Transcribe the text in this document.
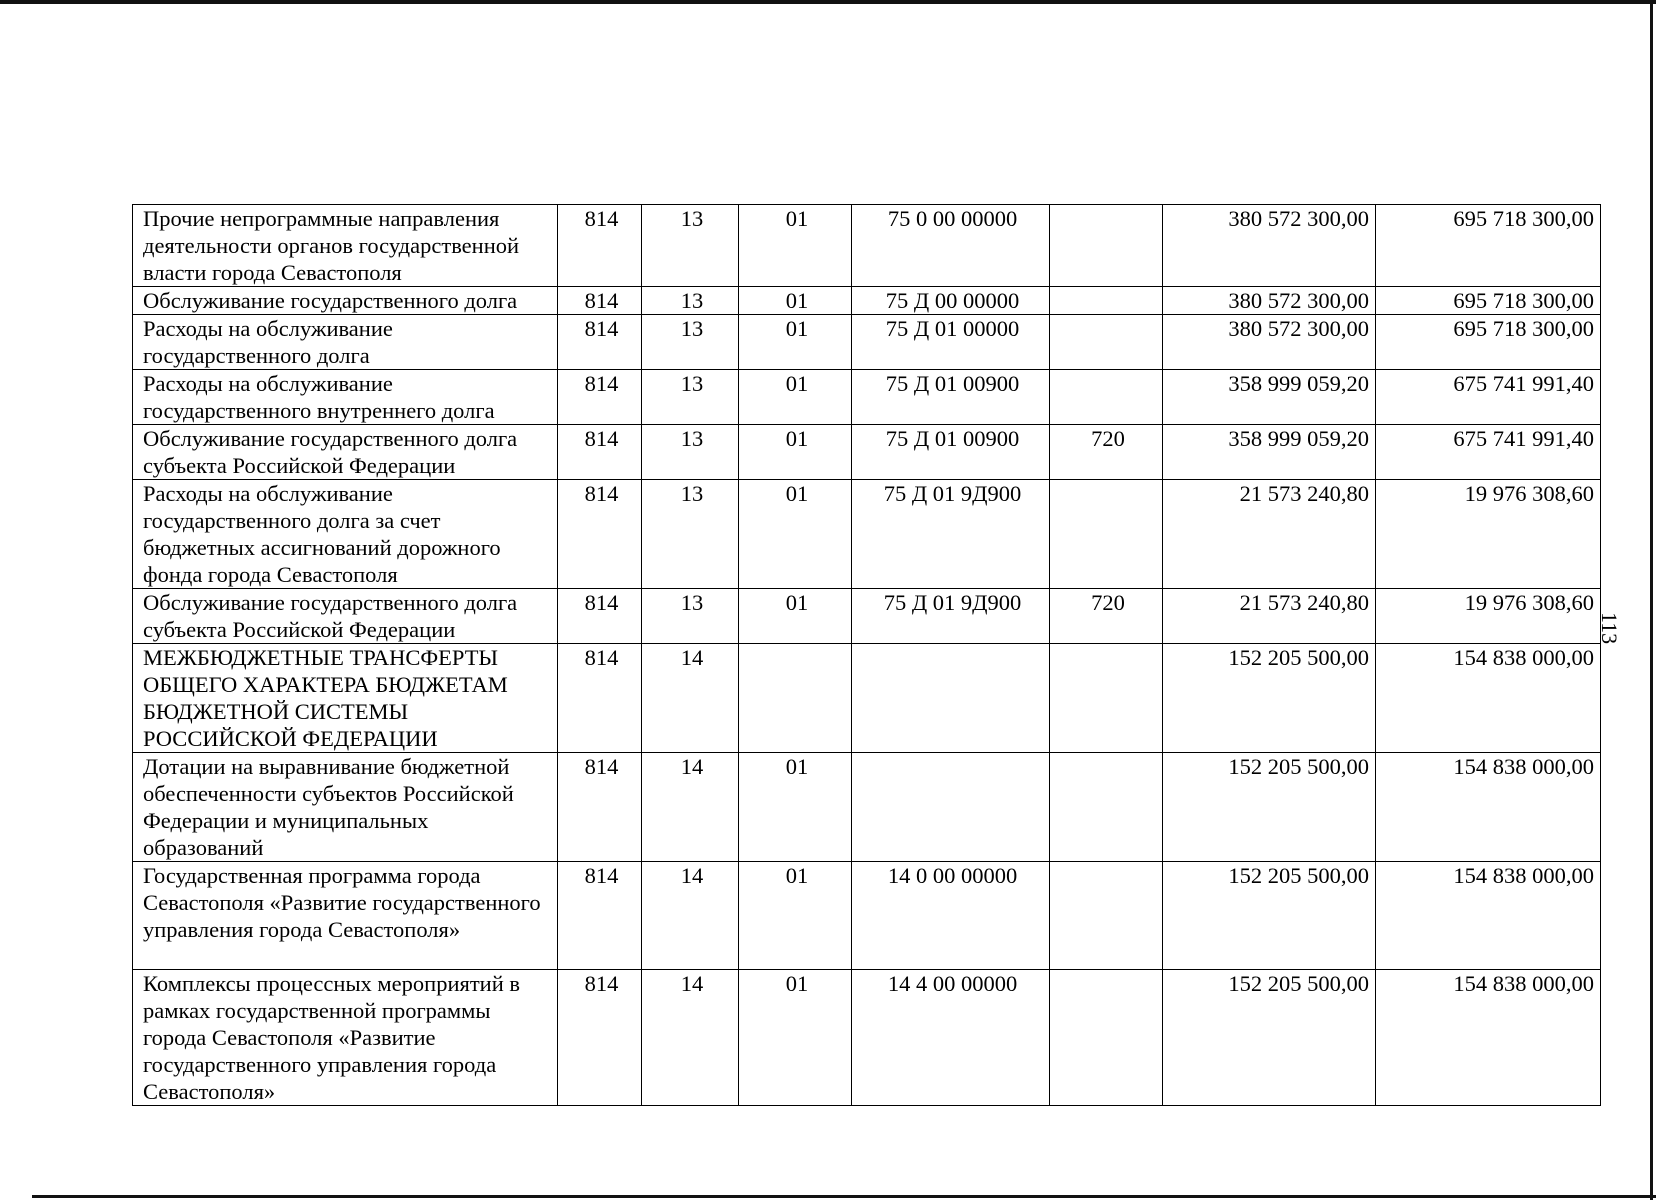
Прочие непрограммные направления деятельности органов государственной власти города Севастополя	814	13	01	75 0 00 00000		380 572 300,00	695 718 300,00
Обслуживание государственного долга	814	13	01	75 Д 00 00000		380 572 300,00	695 718 300,00
Расходы на обслуживание государственного долга	814	13	01	75 Д 01 00000		380 572 300,00	695 718 300,00
Расходы на обслуживание государственного внутреннего долга	814	13	01	75 Д 01 00900		358 999 059,20	675 741 991,40
Обслуживание государственного долга субъекта Российской Федерации	814	13	01	75 Д 01 00900	720	358 999 059,20	675 741 991,40
Расходы на обслуживание государственного долга за счет бюджетных ассигнований дорожного фонда города Севастополя	814	13	01	75 Д 01 9Д900		21 573 240,80	19 976 308,60
Обслуживание государственного долга субъекта Российской Федерации	814	13	01	75 Д 01 9Д900	720	21 573 240,80	19 976 308,60
МЕЖБЮДЖЕТНЫЕ ТРАНСФЕРТЫ ОБЩЕГО ХАРАКТЕРА БЮДЖЕТАМ БЮДЖЕТНОЙ СИСТЕМЫ РОССИЙСКОЙ ФЕДЕРАЦИИ	814	14				152 205 500,00	154 838 000,00
Дотации на выравнивание бюджетной обеспеченности субъектов Российской Федерации и муниципальных образований	814	14	01			152 205 500,00	154 838 000,00
Государственная программа города Севастополя «Развитие государственного управления города Севастополя»	814	14	01	14 0 00 00000		152 205 500,00	154 838 000,00
Комплексы процессных мероприятий в рамках государственной программы города Севастополя «Развитие государственного управления города Севастополя»	814	14	01	14 4 00 00000		152 205 500,00	154 838 000,00
113
